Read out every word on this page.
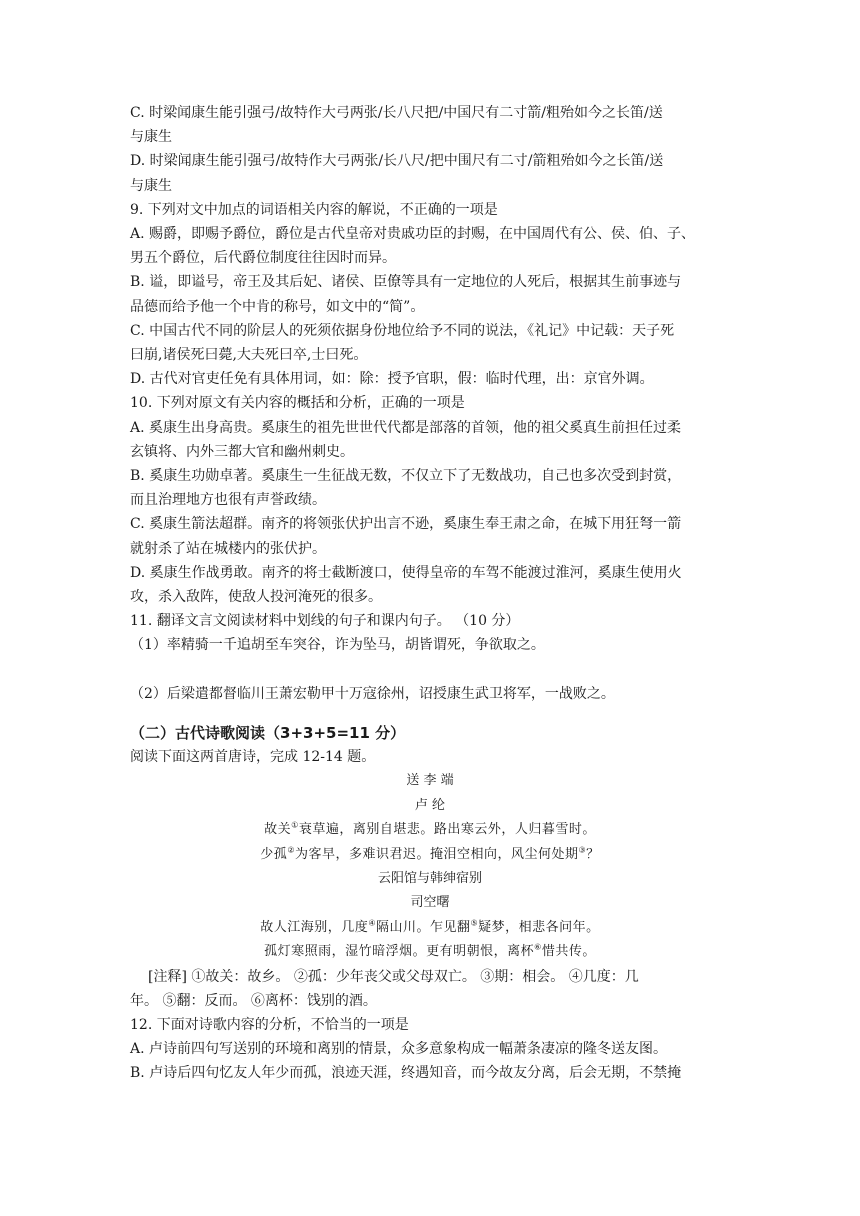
C. 时梁闻康生能引强弓/故特作大弓两张/长八尺把/中国尺有二寸箭/粗殆如今之长笛/送

与康生

D. 时梁闻康生能引强弓/故特作大弓两张/长八尺/把中围尺有二寸/箭粗殆如今之长笛/送

与康生

9. 下列对文中加点的词语相关内容的解说，不正确的一项是

A. 赐爵，即赐予爵位，爵位是古代皇帝对贵戚功臣的封赐，在中国周代有公、侯、伯、子、

男五个爵位，后代爵位制度往往因时而异。

B. 谥，即谥号，帝王及其后妃、诸侯、臣僚等具有一定地位的人死后，根据其生前事迹与

品德而给予他一个中肯的称号，如文中的“简”。

C. 中国古代不同的阶层人的死须依据身份地位给予不同的说法，《礼记》中记载：天子死

曰崩,诸侯死曰薨,大夫死曰卒,士曰死。

D. 古代对官吏任免有具体用词，如：除：授予官职，假：临时代理，出：京官外调。

10. 下列对原文有关内容的概括和分析，正确的一项是

A. 奚康生出身高贵。奚康生的祖先世世代代都是部落的首领，他的祖父奚真生前担任过柔

玄镇将、内外三都大官和幽州刺史。

B. 奚康生功勋卓著。奚康生一生征战无数，不仅立下了无数战功，自己也多次受到封赏，

而且治理地方也很有声誉政绩。

C. 奚康生箭法超群。南齐的将领张伏护出言不逊，奚康生奉王肃之命，在城下用狂弩一箭

就射杀了站在城楼内的张伏护。

D. 奚康生作战勇敢。南齐的将士截断渡口，使得皇帝的车驾不能渡过淮河，奚康生使用火

攻，杀入敌阵，使敌人投河淹死的很多。

11. 翻译文言文阅读材料中划线的句子和课内句子。 （10 分）

（1）率精骑一千追胡至车突谷，诈为坠马，胡皆谓死，争欲取之。

（2）后梁遣都督临川王萧宏勒甲十万寇徐州，诏授康生武卫将军，一战败之。

（二）古代诗歌阅读（3+3+5=11 分）

阅读下面这两首唐诗，完成 12-14 题。

送 李 端
卢 纶
故关①衰草遍，离别自堪悲。路出寒云外，人归暮雪时。
少孤②为客早，多难识君迟。掩泪空相向，风尘何处期③？
云阳馆与韩绅宿别
司空曙
故人江海别，几度④隔山川。乍见翻⑤疑梦，相悲各问年。
孤灯寒照雨，湿竹暗浮烟。更有明朝恨，离杯⑥惜共传。

[注释] ①故关：故乡。 ②孤：少年丧父或父母双亡。 ③期：相会。 ④几度：几

年。 ⑤翻：反而。 ⑥离杯：饯别的酒。

12. 下面对诗歌内容的分析，不恰当的一项是

A. 卢诗前四句写送别的环境和离别的情景，众多意象构成一幅萧条凄凉的隆冬送友图。

B. 卢诗后四句忆友人年少而孤，浪迹天涯，终遇知音，而今故友分离，后会无期，不禁掩
